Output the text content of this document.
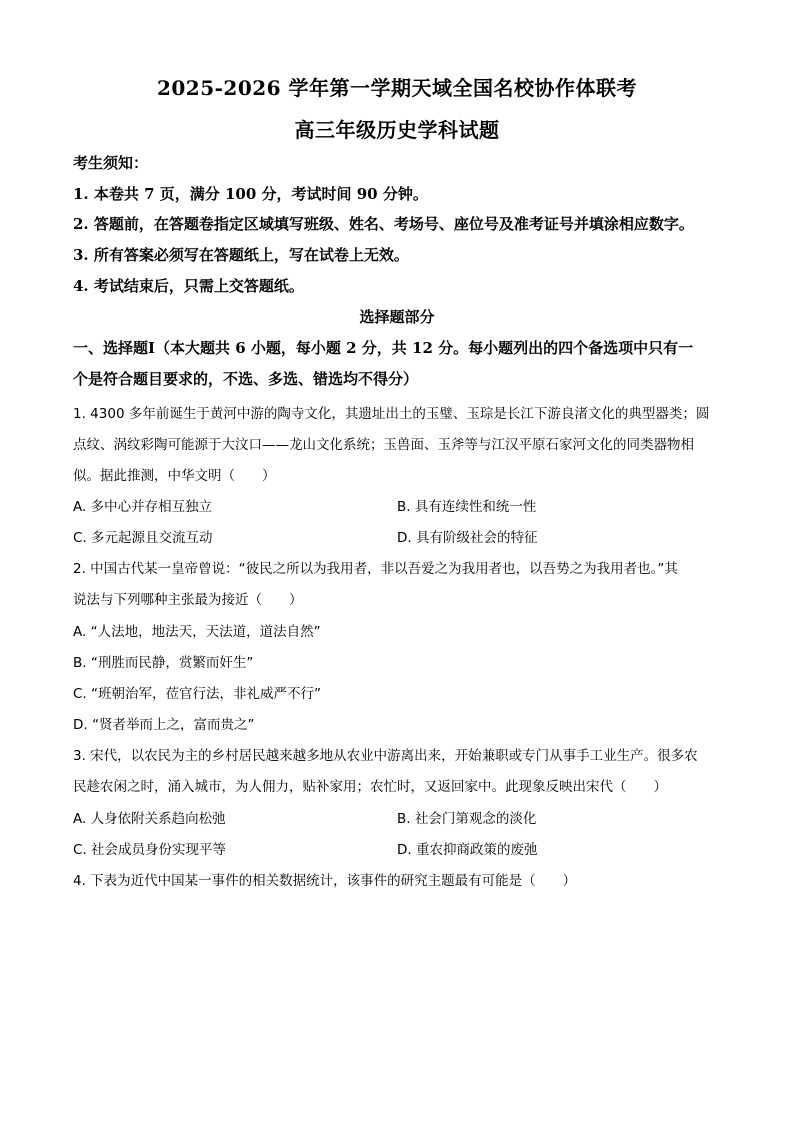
2025-2026 学年第一学期天域全国名校协作体联考
高三年级历史学科试题
考生须知：
1. 本卷共 7 页，满分 100 分，考试时间 90 分钟。
2. 答题前，在答题卷指定区域填写班级、姓名、考场号、座位号及准考证号并填涂相应数字。
3. 所有答案必须写在答题纸上，写在试卷上无效。
4. 考试结束后，只需上交答题纸。
选择题部分
一、选择题Ⅰ（本大题共 6 小题，每小题 2 分，共 12 分。每小题列出的四个备选项中只有一
个是符合题目要求的，不选、多选、错选均不得分）
1. 4300 多年前诞生于黄河中游的陶寺文化，其遗址出土的玉璧、玉琮是长江下游良渚文化的典型器类；圆
点纹、涡纹彩陶可能源于大汶口——龙山文化系统；玉兽面、玉斧等与江汉平原石家河文化的同类器物相
似。据此推测，中华文明（　　）
A. 多中心并存相互独立	B. 具有连续性和统一性
C. 多元起源且交流互动	D. 具有阶级社会的特征
2. 中国古代某一皇帝曾说：“彼民之所以为我用者，非以吾爱之为我用者也，以吾势之为我用者也。”其
说法与下列哪种主张最为接近（　　）
A. “人法地，地法天，天法道，道法自然”
B. “刑胜而民静，赏繁而奸生”
C. “班朝治军，莅官行法，非礼威严不行”
D. “贤者举而上之，富而贵之”
3. 宋代，以农民为主的乡村居民越来越多地从农业中游离出来，开始兼职或专门从事手工业生产。很多农
民趁农闲之时，涌入城市，为人佣力，贴补家用；农忙时，又返回家中。此现象反映出宋代（　　）
A. 人身依附关系趋向松弛	B. 社会门第观念的淡化
C. 社会成员身份实现平等	D. 重农抑商政策的废弛
4. 下表为近代中国某一事件的相关数据统计，该事件的研究主题最有可能是（　　）
